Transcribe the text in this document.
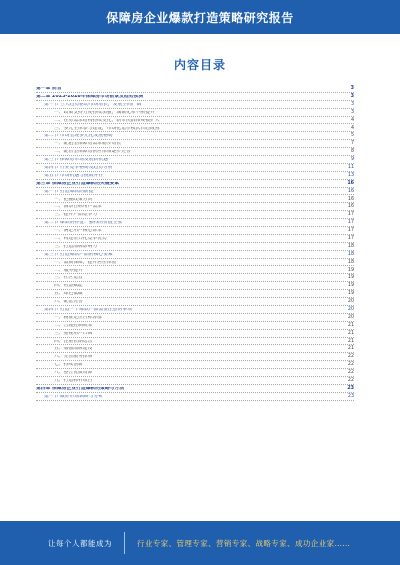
保障房企业爆款打造策略研究报告
内容目录
第一章 前言	3
第二章 2023-2028年保障房市场前景及趋势预测	3
第一节 三大趋势驱动市场增长，发展空间广阔	3
一、政策支持力度持续加强，城镇化率不断提升	3
二、住房需求结构持续变化，新市民群体规模扩大	4
三、多元主体参与建设，市场化运作模式日趋成熟	4
第二节 市场呈现多元化发展格局	5
一、配租型保障房需求稳步增长	7
二、配售型保障房供应体系逐步完善	8
第三节 保障房市场发展新机遇	9
第四节 行业竞争格局及趋势分析	11
第五节 市场机遇与挑战并存	13
第三章 保障房企业打造爆款的关键要素	16
第一节 打造爆款的前提	16
一、把握政策方向	16
二、洞察目标用户需求	16
三、提升产品竞争力	17
第二节 爆款的特征：独特的价值主张	17
一、满足用户核心诉求	17
二、构建差异化竞争优势	17
三、打造品牌影响力	18
第三节 打造爆款产品的核心要素	18
一、品质保障，提升居住体验	18
二、服务提升	19
三、社区运营	19
四、智慧赋能	19
五、绿色低碳	19
六、配套完善	20
第四节 打造一个爆款产品需要注意的事项	20
一、精准定位目标客群	20
二、合理控制成本	21
三、重视用户口碑	21
四、注重长期运营	21
五、加强品牌建设	21
六、完善服务体系	22
七、持续创新	22
八、整合优质资源	22
九、打造标杆项目	22
第四章 保障房企业打造爆款的策略与方法	23
第一节 做好市场调研与分析	23
让每个人都能成为	行业专家、管理专家、营销专家、战略专家、成功企业家……
